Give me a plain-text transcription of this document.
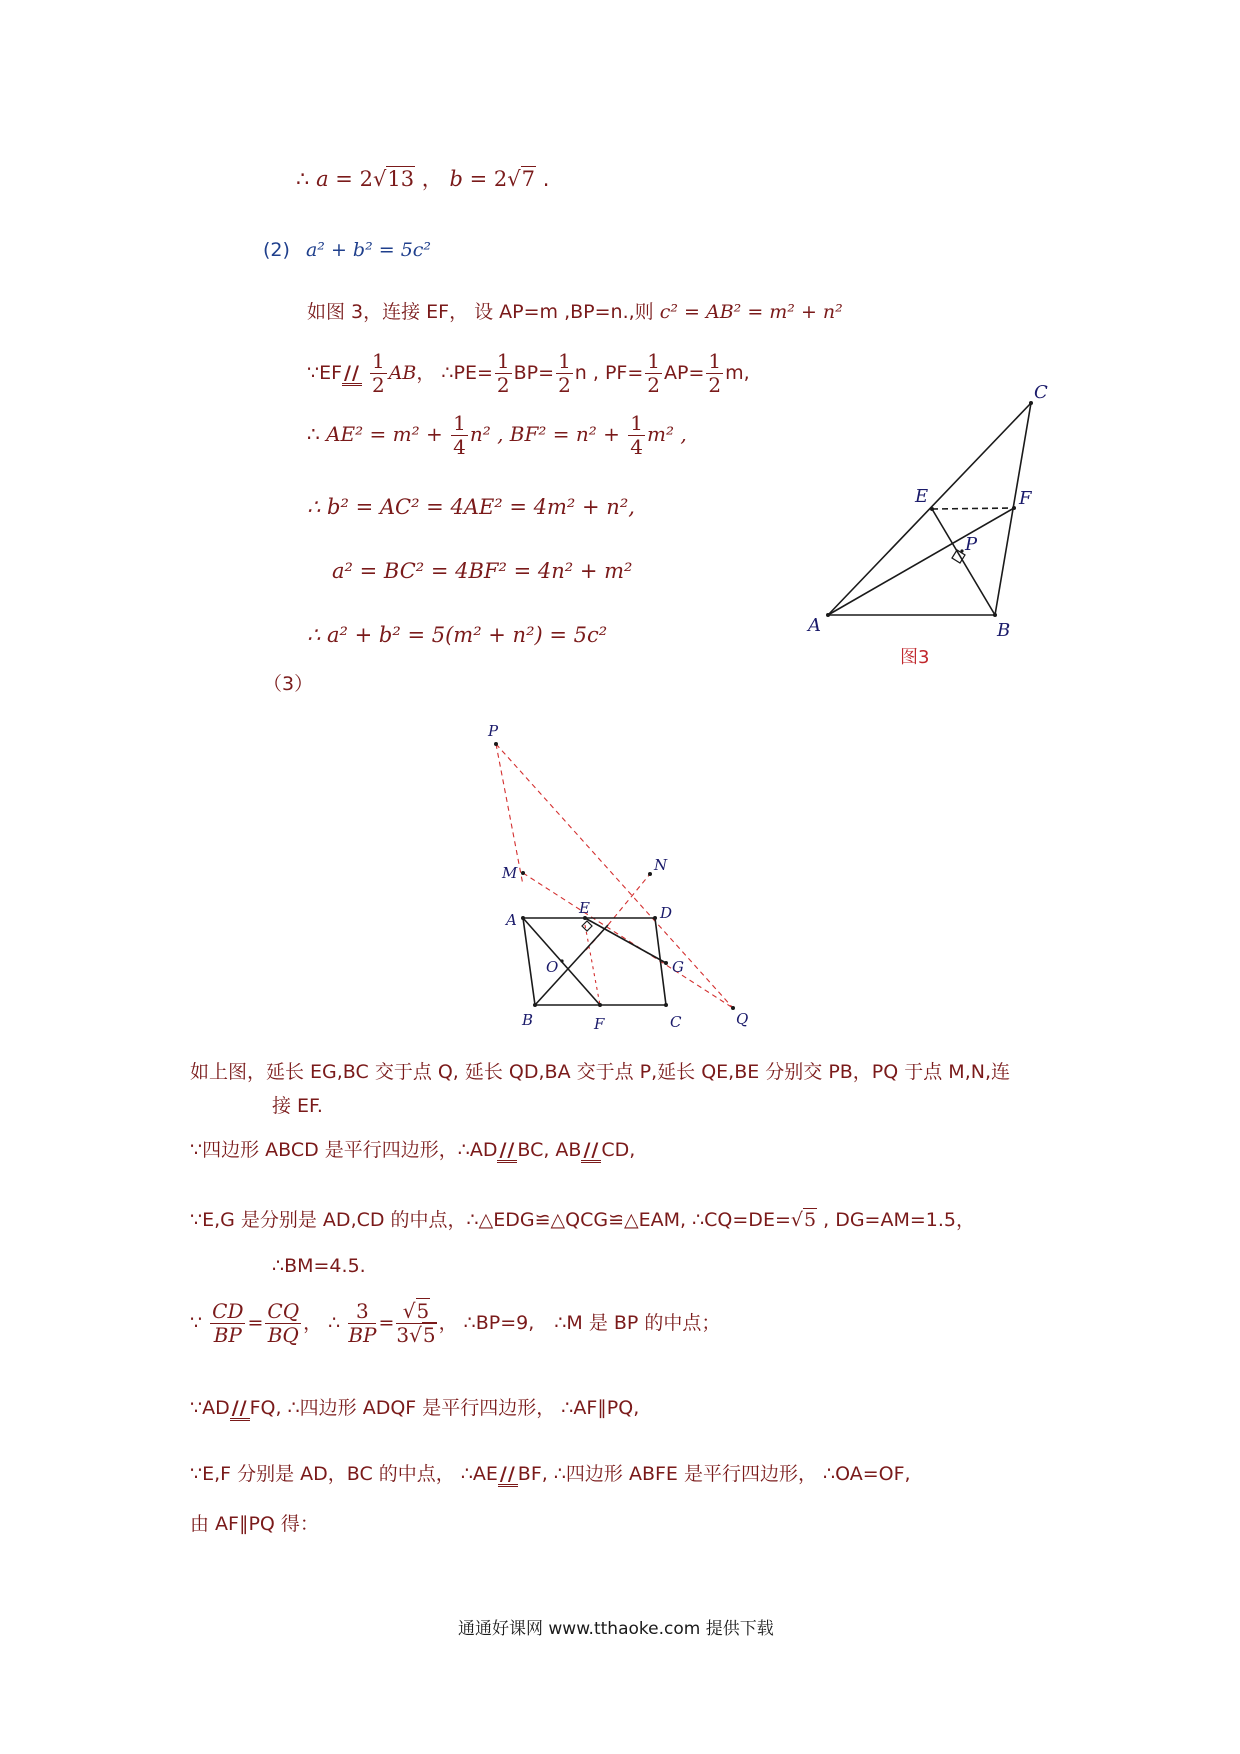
∴ a = 2√13 ， b = 2√7 .
(2) a² + b² = 5c²
如图 3，连接 EF， 设 AP=m ,BP=n.,则 c² = AB² = m² + n²
∵EF // $\frac{1}{2}$ AB， ∴PE= $\frac{1}{2} BP= \frac{1}{2}$ n , $PF= \frac{1}{2} AP= \frac{1}{2} m$,
∴ $AE^2 = m^2 + \frac{1}{4} n^2$ , $BF^2 = n^2 + \frac{1}{4} m^2$ ,
∴ b² = AC² = 4AE² = 4m² + n²,
a² = BC² = 4BF² = 4n² + m²
∴ a² + b² = 5(m² + n²) = 5c²	A	B
C
E	F
P
图3
（3）
P
M	N
A
E	D
G
O
B	F	C	Q
如上图，延长 EG,BC 交于点 Q, 延长 QD,BA 交于点 P,延长 QE,BE 分别交 PB，PQ 于点 M,N,连
接 EF.
∵四边形 ABCD 是平行四边形，∴AD // BC, AB // CD,
∵E,G 是分别是 AD,CD 的中点，∴△EDG≌△QCG≌△EAM, ∴CQ=DE=√5 , DG=AM=1.5，
∴BM=4.5.
∵ $\frac{CD}{BP} = \frac{CQ}{BQ}$ ， ∴ $\frac{3}{BP} = \frac{√5}{3√5}$ ， ∴BP=9, ∴M 是 BP 的中点；
∵AD // FQ, ∴四边形 ADQF 是平行四边形， ∴AF∥PQ,
∵E,F 分别是 AD，BC 的中点， ∴AE // BF, ∴四边形 ABFE 是平行四边形， ∴OA=OF,
由 AF∥PQ 得：
通通好课网 www.tthaoke.com 提供下载
